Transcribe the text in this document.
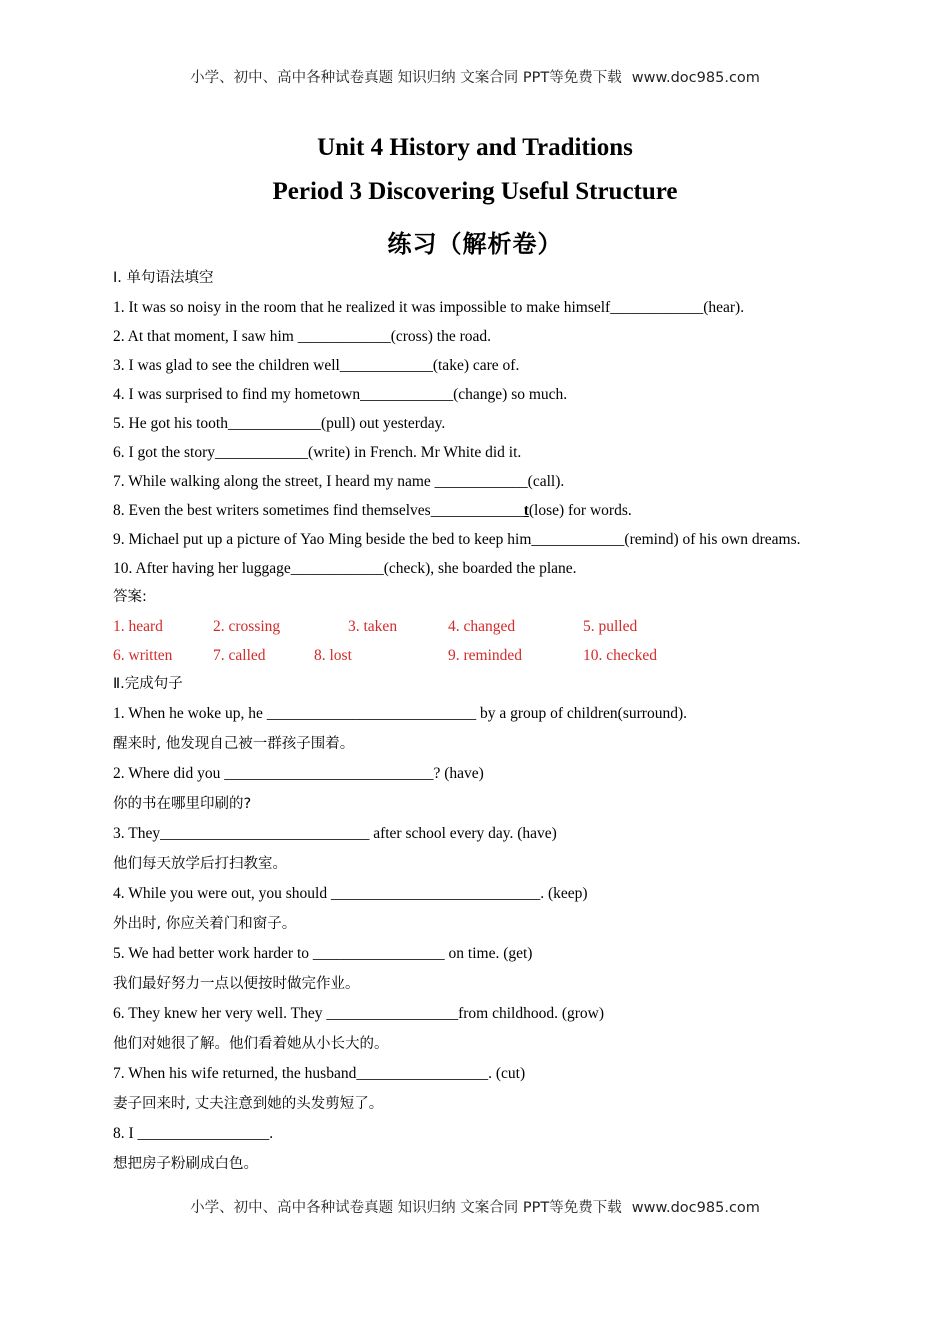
小学、初中、高中各种试卷真题 知识归纳 文案合同 PPT等免费下载 www.doc985.com
Unit 4 History and Traditions
Period 3 Discovering Useful Structure
练习（解析卷）
Ⅰ. 单句语法填空
1. It was so noisy in the room that he realized it was impossible to make himself____________(hear).
2. At that moment, I saw him ____________(cross) the road.
3. I was glad to see the children well____________(take) care of.
4. I was surprised to find my hometown____________(change) so much.
5. He got his tooth____________(pull) out yesterday.
6. I got the story____________(write) in French. Mr White did it.
7. While walking along the street, I heard my name ____________(call).
8. Even the best writers sometimes find themselves____________t(lose) for words.
9. Michael put up a picture of Yao Ming beside the bed to keep him____________(remind) of his own dreams.
10. After having her luggage____________(check), she boarded the plane.
答案:
1. heard	2. crossing	3. taken	4. changed	5. pulled
6. written	7. called	8. lost	9. reminded	10. checked
Ⅱ.完成句子
1. When he woke up, he ___________________________ by a group of children(surround).
醒来时, 他发现自己被一群孩子围着。
2. Where did you ___________________________? (have)
你的书在哪里印刷的?
3. They___________________________ after school every day. (have)
他们每天放学后打扫教室。
4. While you were out, you should ___________________________. (keep)
外出时, 你应关着门和窗子。
5. We had better work harder to _________________ on time. (get)
我们最好努力一点以便按时做完作业。
6. They knew her very well. They _________________from childhood. (grow)
他们对她很了解。他们看着她从小长大的。
7. When his wife returned, the husband_________________. (cut)
妻子回来时, 丈夫注意到她的头发剪短了。
8. I _________________.
想把房子粉刷成白色。
小学、初中、高中各种试卷真题 知识归纳 文案合同 PPT等免费下载 www.doc985.com
